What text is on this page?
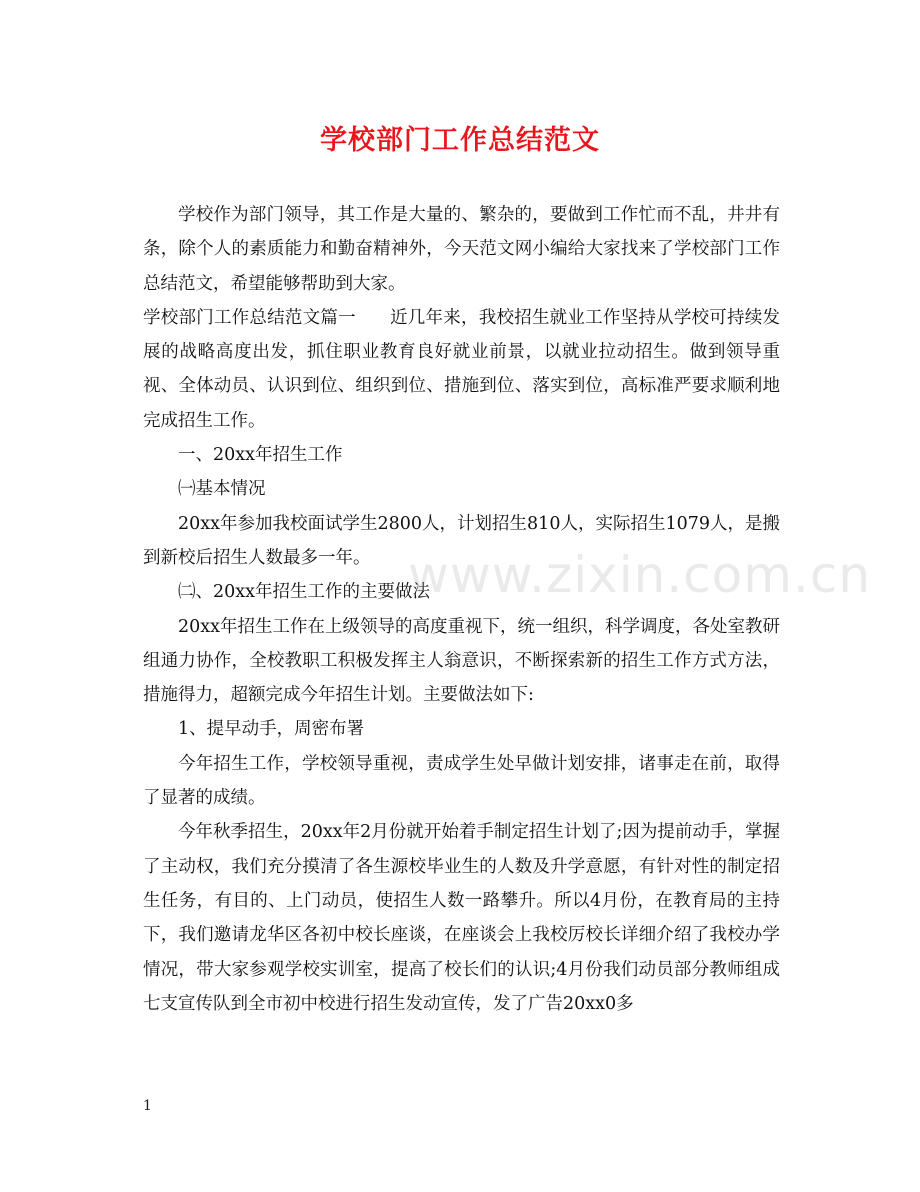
学校部门工作总结范文

学校作为部门领导，其工作是大量的、繁杂的，要做到工作忙而不乱，井井有条，除个人的素质能力和勤奋精神外，今天范文网小编给大家找来了学校部门工作总结范文，希望能够帮助到大家。

学校部门工作总结范文篇一 近几年来，我校招生就业工作坚持从学校可持续发展的战略高度出发，抓住职业教育良好就业前景，以就业拉动招生。做到领导重视、全体动员、认识到位、组织到位、措施到位、落实到位，高标准严要求顺利地完成招生工作。

一、20xx年招生工作

㈠基本情况

20xx年参加我校面试学生2800人，计划招生810人，实际招生1079人，是搬到新校后招生人数最多一年。

㈡、20xx年招生工作的主要做法

20xx年招生工作在上级领导的高度重视下，统一组织，科学调度，各处室教研组通力协作，全校教职工积极发挥主人翁意识，不断探索新的招生工作方式方法，措施得力，超额完成今年招生计划。主要做法如下:

1、提早动手，周密布署

今年招生工作，学校领导重视，责成学生处早做计划安排，诸事走在前，取得了显著的成绩。

今年秋季招生，20xx年2月份就开始着手制定招生计划了;因为提前动手，掌握了主动权，我们充分摸清了各生源校毕业生的人数及升学意愿，有针对性的制定招生任务，有目的、上门动员，使招生人数一路攀升。所以4月份，在教育局的主持下，我们邀请龙华区各初中校长座谈，在座谈会上我校厉校长详细介绍了我校办学情况，带大家参观学校实训室，提高了校长们的认识;4月份我们动员部分教师组成七支宣传队到全市初中校进行招生发动宣传，发了广告20xx0多

www.zixin.com.cn
1
